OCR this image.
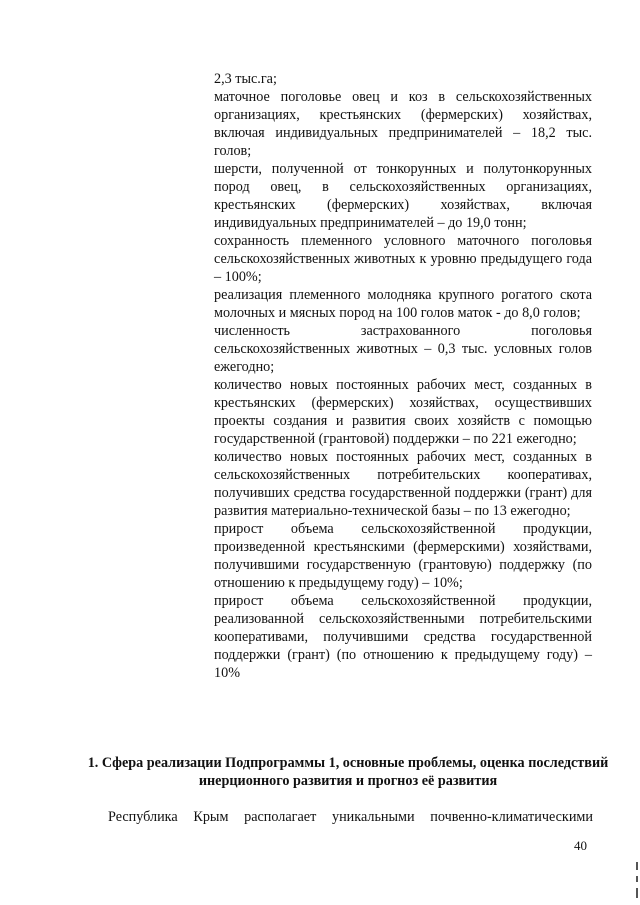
2,3 тыс.га;

маточное поголовье овец и коз в сельскохозяйственных организациях, крестьянских (фермерских) хозяйствах, включая индивидуальных предпринимателей – 18,2 тыс. голов;

шерсти, полученной от тонкорунных и полутонкорунных пород овец, в сельскохозяйственных организациях, крестьянских (фермерских) хозяйствах, включая индивидуальных предпринимателей – до 19,0 тонн;

сохранность племенного условного маточного поголовья сельскохозяйственных животных к уровню предыдущего года – 100%;

реализация племенного молодняка крупного рогатого скота молочных и мясных пород на 100 голов маток - до 8,0 голов;

численность застрахованного поголовья сельскохозяйственных животных – 0,3 тыс. условных голов ежегодно;

количество новых постоянных рабочих мест, созданных в крестьянских (фермерских) хозяйствах, осуществивших проекты создания и развития своих хозяйств с помощью государственной (грантовой) поддержки – по 221 ежегодно;

количество новых постоянных рабочих мест, созданных в сельскохозяйственных потребительских кооперативах, получивших средства государственной поддержки (грант) для развития материально-технической базы – по 13 ежегодно;

прирост объема сельскохозяйственной продукции, произведенной крестьянскими (фермерскими) хозяйствами, получившими государственную (грантовую) поддержку (по отношению к предыдущему году) – 10%;

прирост объема сельскохозяйственной продукции, реализованной сельскохозяйственными потребительскими кооперативами, получившими средства государственной поддержки (грант) (по отношению к предыдущему году) – 10%

1. Сфера реализации Подпрограммы 1, основные проблемы, оценка последствий инерционного развития и прогноз её развития
Республика Крым располагает уникальными почвенно-климатическими
40
